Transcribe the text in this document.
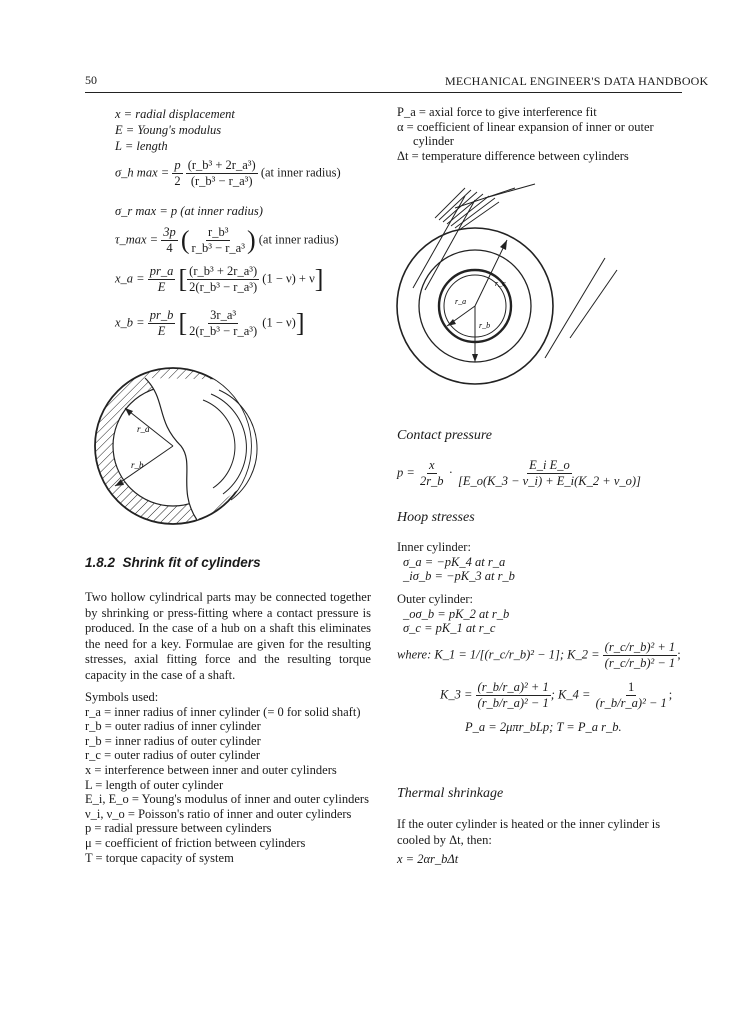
50	MECHANICAL ENGINEER'S DATA HANDBOOK
x = radial displacement
E = Young's modulus
L = length
σ_h $\max = \frac{p}{2}$
$\frac{\text{(r\_b³ + 2r\_a³)}}{\text{(r\_b³ − r\_a³)}} (at$ inner radius)
σ_r max = p (at inner radius)
τ_max = $\frac{3p}{4}$ ( $\frac{\text{r\_b³}}{\text{r\_b³ − r\_a³}}$ ) (at inner radius)
x_a = $\frac{pr\_a}{E}$ [ $\frac{\text{(r\_b³ + 2r\_a³)}}{\text{2(r\_b³ − r\_a³)}} (1 - \nu) + \nu$]
x_b = $\frac{pr\_b}{E}$ [ $\frac{\text{3r\_a³}}{\text{2(r\_b³ − r\_a³)}} (1 - \nu)$]
r_a
r_b
1.8.2 Shrink fit of cylinders
Two hollow cylindrical parts may be connected together by shrinking or press-fitting where a contact pressure is produced. In the case of a hub on a shaft this eliminates the need for a key. Formulae are given for the resulting stresses, axial fitting force and the resulting torque capacity in the case of a shaft.
Symbols used:
r_a = inner radius of inner cylinder (= 0 for solid shaft)
r_b = outer radius of inner cylinder
r_b = inner radius of outer cylinder
r_c = outer radius of outer cylinder
x = interference between inner and outer cylinders
L = length of outer cylinder
E_i, E_o = Young's modulus of inner and outer cylinders
ν_i, ν_o = Poisson's ratio of inner and outer cylinders
p = radial pressure between cylinders
μ = coefficient of friction between cylinders
T = torque capacity of system
P_a = axial force to give interference fit
α = coefficient of linear expansion of inner or outer
cylinder
Δt = temperature difference between cylinders
r_c
r_a
r_b
Contact pressure
$p = \frac{x}{2r\_b} \cdot \frac{\text{E\_i E\_o}}{[E\_o(K\_3 - \nu\_i) + E\_i(K\_2 + \nu\_o)]}$
Hoop stresses
Inner cylinder:
σ_a = −pK_4 at r_a
_iσ_b = −pK_3 at r_b
Outer cylinder:
_oσ_b = pK_2 at r_b
σ_c = pK_1 at r_c
where: K_1 = 1/[(r_c/r_b)² − 1]; K_2 = $\frac{\text{(r\_c/r\_b)² + 1}}{\text{(r\_c/r\_b)² − 1}}$ ;
K_3 = $\frac{\text{(r\_b/r\_a)² + 1}}{\text{(r\_b/r\_a)² − 1}}$ ; K_4 = $\frac{1}{\text{(r\_b/r\_a)² − 1}}$ ;
P_a = 2μπr_bLp; T = P_a r_b.
Thermal shrinkage
If the outer cylinder is heated or the inner cylinder is
cooled by Δt, then:
x = 2αr_bΔt
